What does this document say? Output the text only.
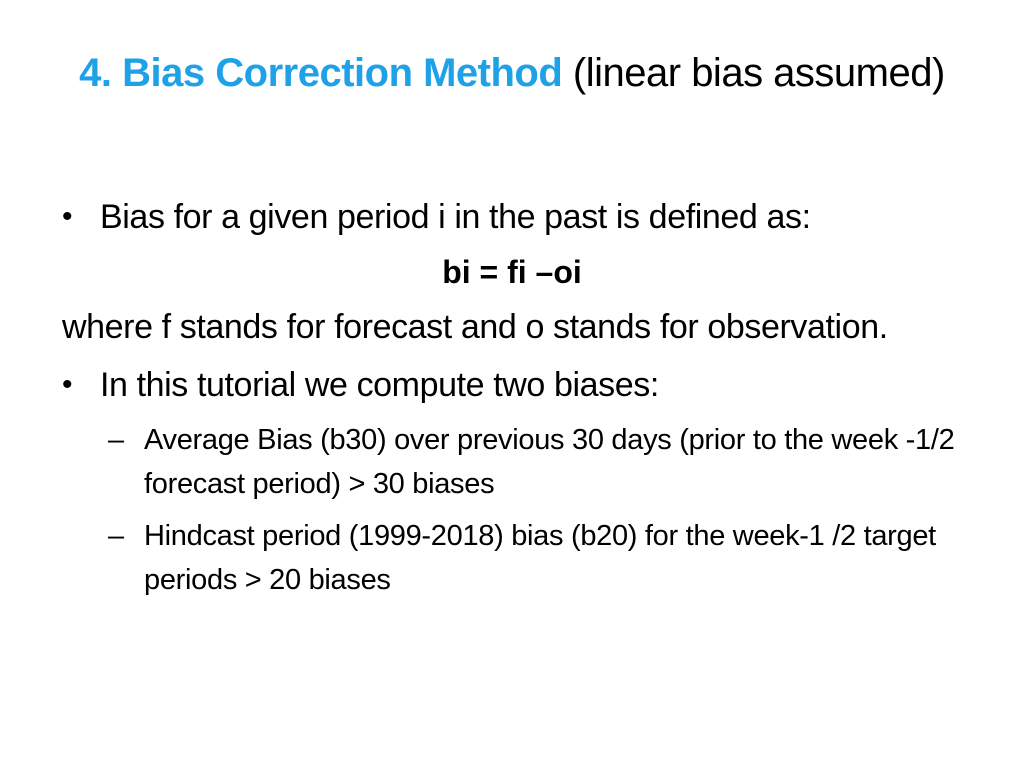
4. Bias Correction Method (linear bias assumed)
• Bias for a given period i in the past is defined as:
bi = fi –oi
where f stands for forecast and o stands for observation.
• In this tutorial we compute two biases:
– Average Bias (b30) over previous 30 days (prior to the week -1/2 forecast period) > 30 biases
– Hindcast period (1999-2018) bias (b20) for the week-1 /2 target periods > 20 biases
